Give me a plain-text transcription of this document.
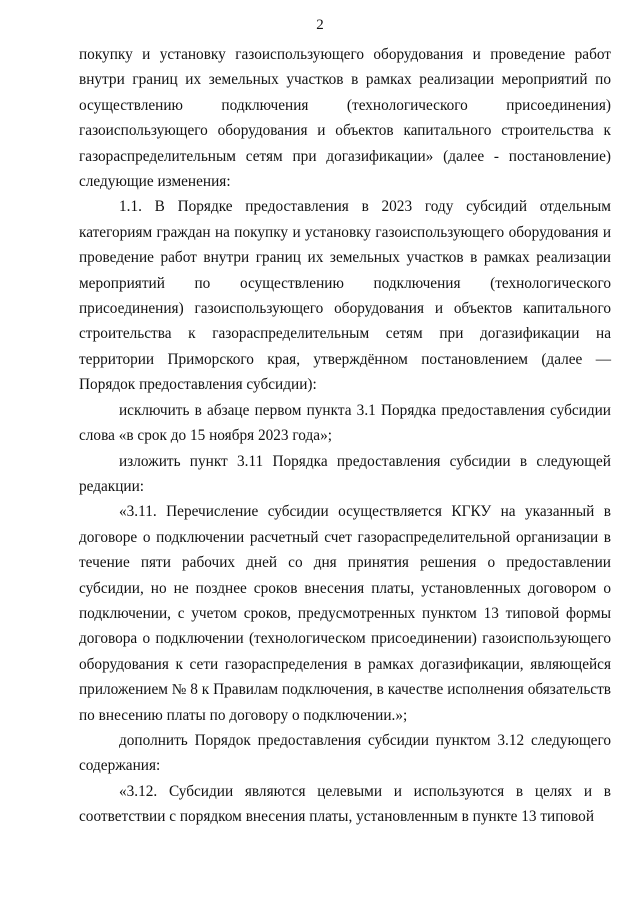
2

покупку и установку газоиспользующего оборудования и проведение работ внутри границ их земельных участков в рамках реализации мероприятий по осуществлению подключения (технологического присоединения) газоиспользующего оборудования и объектов капитального строительства к газораспределительным сетям при догазификации» (далее - постановление) следующие изменения:

1.1. В Порядке предоставления в 2023 году субсидий отдельным категориям граждан на покупку и установку газоиспользующего оборудования и проведение работ внутри границ их земельных участков в рамках реализации мероприятий по осуществлению подключения (технологического присоединения) газоиспользующего оборудования и объектов капитального строительства к газораспределительным сетям при догазификации на территории Приморского края, утверждённом постановлением (далее — Порядок предоставления субсидии):

исключить в абзаце первом пункта 3.1 Порядка предоставления субсидии слова «в срок до 15 ноября 2023 года»;

изложить пункт 3.11 Порядка предоставления субсидии в следующей редакции:

«3.11. Перечисление субсидии осуществляется КГКУ на указанный в договоре о подключении расчетный счет газораспределительной организации в течение пяти рабочих дней со дня принятия решения о предоставлении субсидии, но не позднее сроков внесения платы, установленных договором о подключении, с учетом сроков, предусмотренных пунктом 13 типовой формы договора о подключении (технологическом присоединении) газоиспользующего оборудования к сети газораспределения в рамках догазификации, являющейся приложением № 8 к Правилам подключения, в качестве исполнения обязательств по внесению платы по договору о подключении.»;

дополнить Порядок предоставления субсидии пунктом 3.12 следующего содержания:

«3.12. Субсидии являются целевыми и используются в целях и в соответствии с порядком внесения платы, установленным в пункте 13 типовой
